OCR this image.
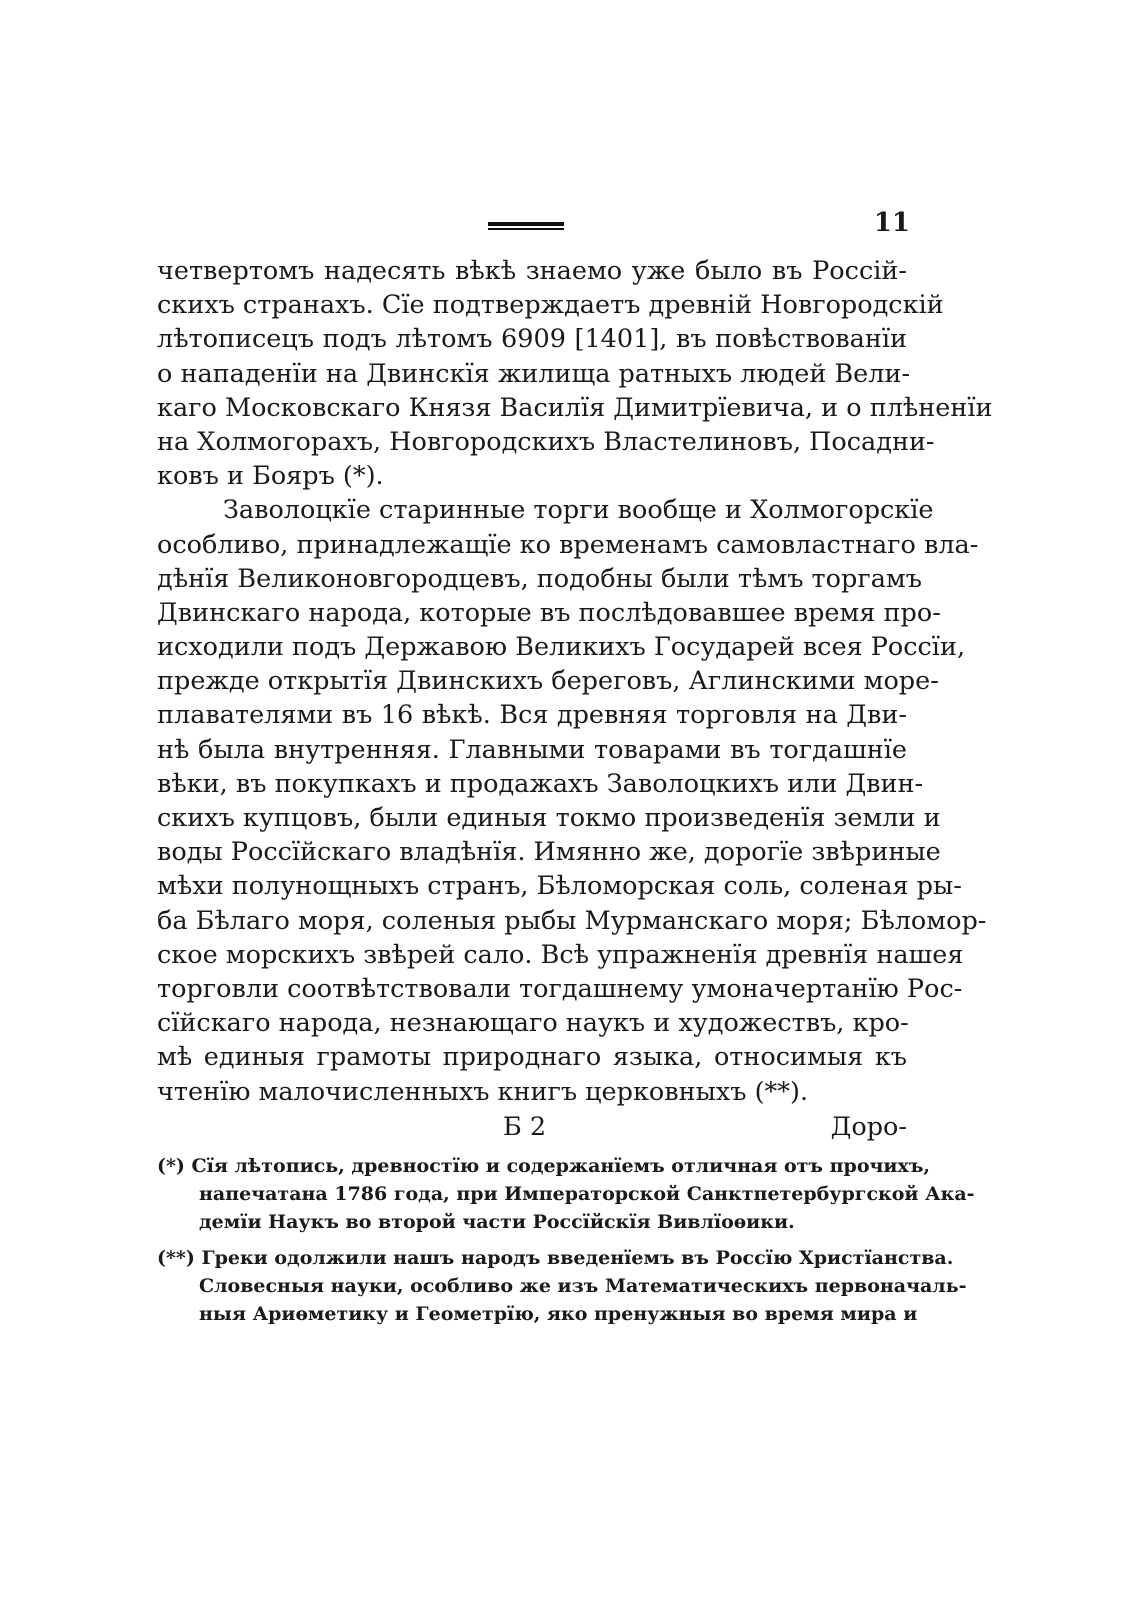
11
четвертомъ надесять вѣкѣ знаемо уже было въ Россій-
скихъ странахъ. Сїе подтверждаетъ древній Новгородскій
лѣтописецъ подъ лѣтомъ 6909 [1401], въ повѣствованїи
о нападенїи на Двинскїя жилища ратныхъ людей Вели-
каго Московскаго Князя Василїя Димитрїевича, и о плѣненїи
на Холмогорахъ, Новгородскихъ Властелиновъ, Посадни-
ковъ и Бояръ (*).
Заволоцкїе старинные торги вообще и Холмогорскїе
особливо, принадлежащїе ко временамъ самовластнаго вла-
дѣнїя Великоновгородцевъ, подобны были тѣмъ торгамъ
Двинскаго народа, которые въ послѣдовавшее время про-
исходили подъ Державою Великихъ Государей всея Россїи,
прежде открытїя Двинскихъ береговъ, Аглинскими море-
плавателями въ 16 вѣкѣ. Вся древняя торговля на Дви-
нѣ была внутренняя. Главными товарами въ тогдашнїе
вѣки, въ покупкахъ и продажахъ Заволоцкихъ или Двин-
скихъ купцовъ, были единыя токмо произведенїя земли и
воды Россїйскаго владѣнїя. Имянно же, дорогїе звѣриные
мѣхи полунощныхъ странъ, Бѣломорская соль, соленая ры-
ба Бѣлаго моря, соленыя рыбы Мурманскаго моря; Бѣломор-
ское морскихъ звѣрей сало. Всѣ упражненїя древнїя нашея
торговли соотвѣтствовали тогдашнему умоначертанїю Рос-
сїйскаго народа, незнающаго наукъ и художествъ, кро-
мѣ единыя грамоты природнаго языка, относимыя къ
чтенїю малочисленныхъ книгъ церковныхъ (**).
Б 2	Доро-
(*) Сїя лѣтопись, древностїю и содержанїемъ отличная отъ прочихъ,
напечатана 1786 года, при Императорской Санктпетербургской Ака-
демїи Наукъ во второй части Россїйскїя Вивлїоѳики.
(**) Греки одолжили нашъ народъ введенїемъ въ Россїю Христїанства.
Словесныя науки, особливо же изъ Математическихъ первоначаль-
ныя Ариѳметику и Геометрїю, яко пренужныя во время мира и
